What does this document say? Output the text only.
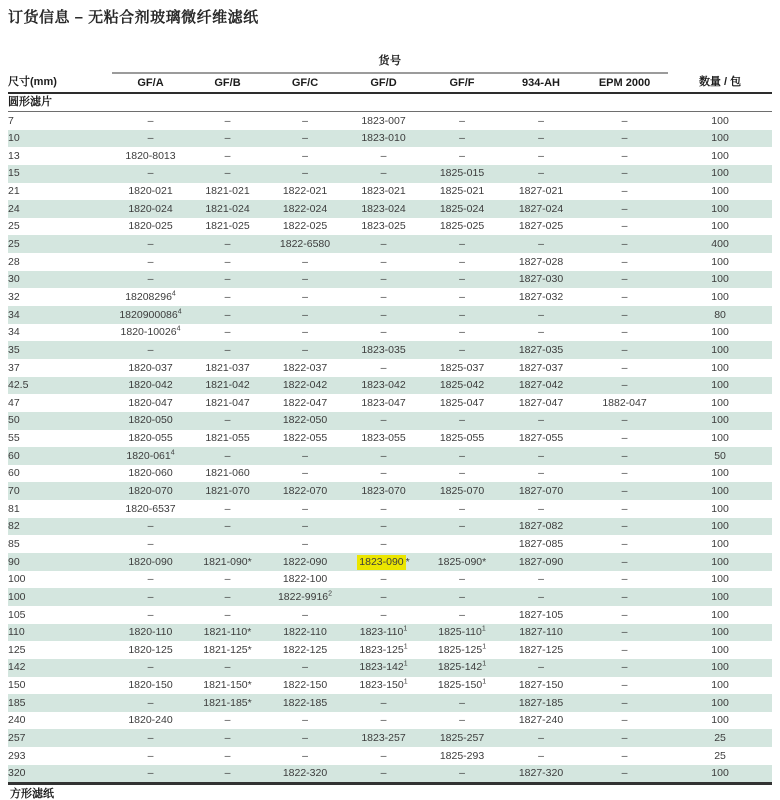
订货信息 – 无粘合剂玻璃微纤维滤纸
	货号							
尺寸(mm)	GF/A	GF/B	GF/C	GF/D	GF/F	934-AH	EPM 2000	数量 / 包
圆形滤片								
7	–	–	–	1823-007	–	–	–	100
10	–	–	–	1823-010	–	–	–	100
13	1820-8013	–	–	–	–	–	–	100
15	–	–	–	–	1825-015	–	–	100
21	1820-021	1821-021	1822-021	1823-021	1825-021	1827-021	–	100
24	1820-024	1821-024	1822-024	1823-024	1825-024	1827-024	–	100
25	1820-025	1821-025	1822-025	1823-025	1825-025	1827-025	–	100
25	–	–	1822-6580	–	–	–	–	400
28	–	–	–	–	–	1827-028	–	100
30	–	–	–	–	–	1827-030	–	100
32	18208296$^4$	–	–	–	–	1827-032	–	100
34	1820900086$^4$	–	–	–	–	–	–	80
34	1820-10026$^4$	–	–	–	–	–	–	100
35	–	–	–	1823-035	–	1827-035	–	100
37	1820-037	1821-037	1822-037	–	1825-037	1827-037	–	100
42.5	1820-042	1821-042	1822-042	1823-042	1825-042	1827-042	–	100
47	1820-047	1821-047	1822-047	1823-047	1825-047	1827-047	1882-047	100
50	1820-050	–	1822-050	–	–	–	–	100
55	1820-055	1821-055	1822-055	1823-055	1825-055	1827-055	–	100
60	$1820-061^4$	–	–	–	–	–	–	50
60	1820-060	1821-060	–	–	–	–	–	100
70	1820-070	1821-070	1822-070	1823-070	1825-070	1827-070	–	100
81	1820-6537	–	–	–	–	–	–	100
82	–	–	–	–	–	1827-082	–	100
85	–		–	–		1827-085	–	100
90	1820-090	1821-090*	1822-090	1823-090 *	1825-090*	1827-090	–	100
100	–	–	1822-100	–	–	–	–	100
100	–	–	1822-9916$^2$	–	–	–	–	100
105	–	–	–	–	–	1827-105	–	100
110	1820-110	1821-110*	1822-110	$1823-110^1$	$1825-110^1$	1827-110	–	100
125	1820-125	1821-125*	1822-125	$1823-125^1$	$1825-125^1$	1827-125	–	100
142	–	–	–	$1823-142^1$	$1825-142^1$	–	–	100
150	1820-150	1821-150*	1822-150	$1823-150^1$	$1825-150^1$	1827-150	–	100
185	–	1821-185*	1822-185	–	–	1827-185	–	100
240	1820-240	–	–	–	–	1827-240	–	100
257	–	–	–	1823-257	1825-257	–	–	25
293	–	–	–	–	1825-293	–	–	25
320	–	–	1822-320	–	–	1827-320	–	100
方形滤纸
